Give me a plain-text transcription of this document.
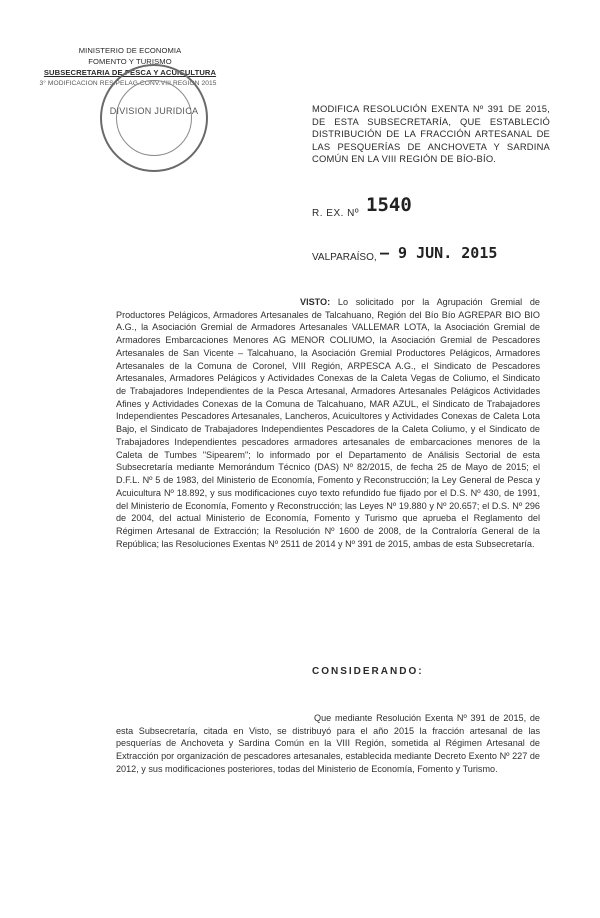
MINISTERIO DE ECONOMIA
FOMENTO Y TURISMO
SUBSECRETARIA DE PESCA Y ACUICULTURA
3° MODIFICACION RES.PELAG.CONV.VIII REGION 2015
DIVISION JURIDICA	MODIFICA RESOLUCIÓN EXENTA Nº 391 DE 2015, DE ESTA SUBSECRETARÍA, QUE ESTABLECIÓ DISTRIBUCIÓN DE LA FRACCIÓN ARTESANAL DE LAS PESQUERÍAS DE ANCHOVETA Y SARDINA COMÚN EN LA VIII REGIÓN DE BÍO-BÍO.
R. EX. Nº 1540
VALPARAÍSO, – 9 JUN. 2015
VISTO: Lo solicitado por la Agrupación Gremial de Productores Pelágicos, Armadores Artesanales de Talcahuano, Región del Bío Bío AGREPAR BIO BIO A.G., la Asociación Gremial de Armadores Artesanales VALLEMAR LOTA, la Asociación Gremial de Armadores Embarcaciones Menores AG MENOR COLIUMO, la Asociación Gremial de Pescadores Artesanales de San Vicente – Talcahuano, la Asociación Gremial Productores Pelágicos, Armadores Artesanales de la Comuna de Coronel, VIII Región, ARPESCA A.G., el Sindicato de Pescadores Artesanales, Armadores Pelágicos y Actividades Conexas de la Caleta Vegas de Coliumo, el Sindicato de Trabajadores Independientes de la Pesca Artesanal, Armadores Artesanales Pelágicos Actividades Afines y Actividades Conexas de la Comuna de Talcahuano, MAR AZUL, el Sindicato de Trabajadores Independientes Pescadores Artesanales, Lancheros, Acuicultores y Actividades Conexas de Caleta Lota Bajo, el Sindicato de Trabajadores Independientes Pescadores de la Caleta Coliumo, y el Sindicato de Trabajadores Independientes pescadores armadores artesanales de embarcaciones menores de la Caleta de Tumbes "Sipearem"; lo informado por el Departamento de Análisis Sectorial de esta Subsecretaría mediante Memorándum Técnico (DAS) Nº 82/2015, de fecha 25 de Mayo de 2015; el D.F.L. Nº 5 de 1983, del Ministerio de Economía, Fomento y Reconstrucción; la Ley General de Pesca y Acuicultura Nº 18.892, y sus modificaciones cuyo texto refundido fue fijado por el D.S. Nº 430, de 1991, del Ministerio de Economía, Fomento y Reconstrucción; las Leyes Nº 19.880 y Nº 20.657; el D.S. Nº 296 de 2004, del actual Ministerio de Economía, Fomento y Turismo que aprueba el Reglamento del Régimen Artesanal de Extracción; la Resolución Nº 1600 de 2008, de la Contraloría General de la República; las Resoluciones Exentas Nº 2511 de 2014 y Nº 391 de 2015, ambas de esta Subsecretaría.
CONSIDERANDO:
Que mediante Resolución Exenta Nº 391 de 2015, de esta Subsecretaría, citada en Visto, se distribuyó para el año 2015 la fracción artesanal de las pesquerías de Anchoveta y Sardina Común en la VIII Región, sometida al Régimen Artesanal de Extracción por organización de pescadores artesanales, establecida mediante Decreto Exento Nº 227 de 2012, y sus modificaciones posteriores, todas del Ministerio de Economía, Fomento y Turismo.
